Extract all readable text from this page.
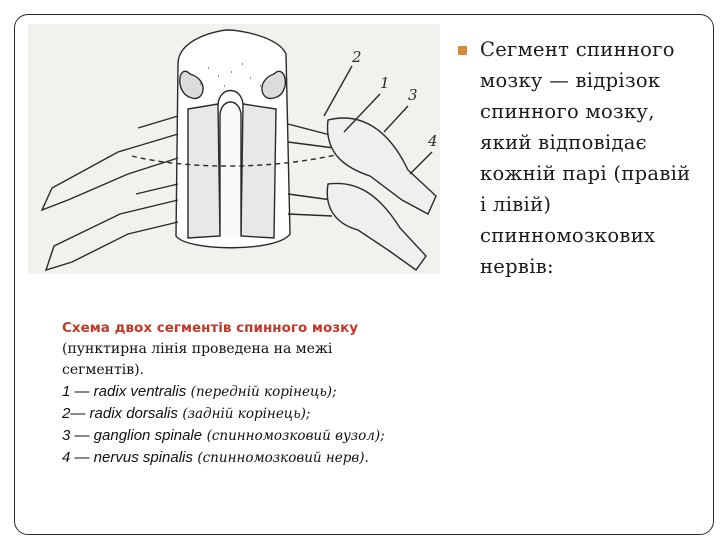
2
1
3
4
Схема двох сегментів спинного мозку
(пунктирна лінія проведена на межі сегментів).
1 — radix ventralis (передній корінець);
2— radix dorsalis (задній корінець);
3 — ganglion spinale (спинномозковий вузол);
4 — nervus spinalis (спинномозковий нерв).
Сегмент спинного мозку — відрізок спинного мозку, який відповідає кожній парі (правій і лівій) спинномозкових нервів:
